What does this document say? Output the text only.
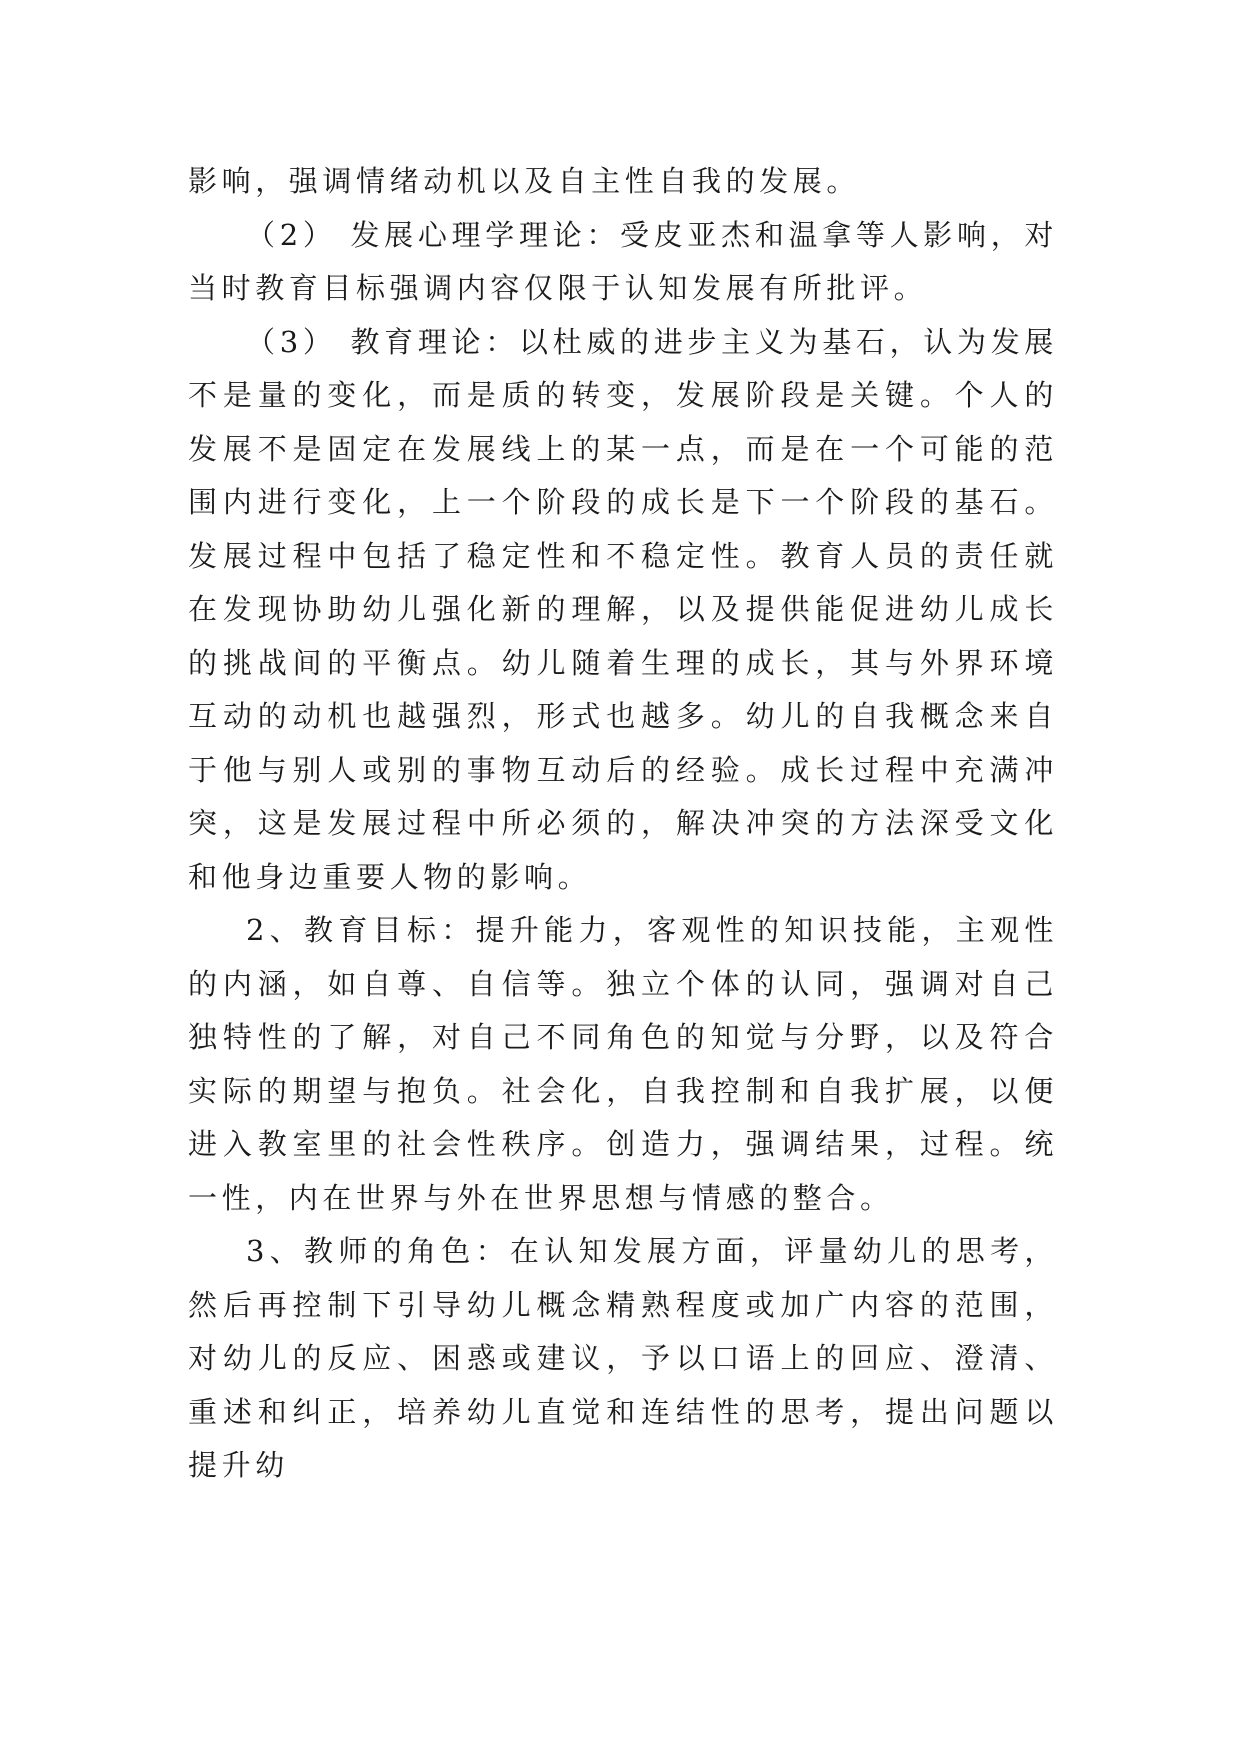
影响，强调情绪动机以及自主性自我的发展。

（2） 发展心理学理论：受皮亚杰和温拿等人影响，对当时教育目标强调内容仅限于认知发展有所批评。

（3） 教育理论：以杜威的进步主义为基石，认为发展不是量的变化，而是质的转变，发展阶段是关键。个人的发展不是固定在发展线上的某一点，而是在一个可能的范围内进行变化，上一个阶段的成长是下一个阶段的基石。发展过程中包括了稳定性和不稳定性。教育人员的责任就在发现协助幼儿强化新的理解，以及提供能促进幼儿成长的挑战间的平衡点。幼儿随着生理的成长，其与外界环境互动的动机也越强烈，形式也越多。幼儿的自我概念来自于他与别人或别的事物互动后的经验。成长过程中充满冲突，这是发展过程中所必须的，解决冲突的方法深受文化和他身边重要人物的影响。

2、教育目标：提升能力，客观性的知识技能，主观性的内涵，如自尊、自信等。独立个体的认同，强调对自己独特性的了解，对自己不同角色的知觉与分野，以及符合实际的期望与抱负。社会化，自我控制和自我扩展，以便进入教室里的社会性秩序。创造力，强调结果，过程。统一性，内在世界与外在世界思想与情感的整合。

3、教师的角色：在认知发展方面，评量幼儿的思考，然后再控制下引导幼儿概念精熟程度或加广内容的范围，对幼儿的反应、困惑或建议，予以口语上的回应、澄清、重述和纠正，培养幼儿直觉和连结性的思考，提出问题以提升幼
